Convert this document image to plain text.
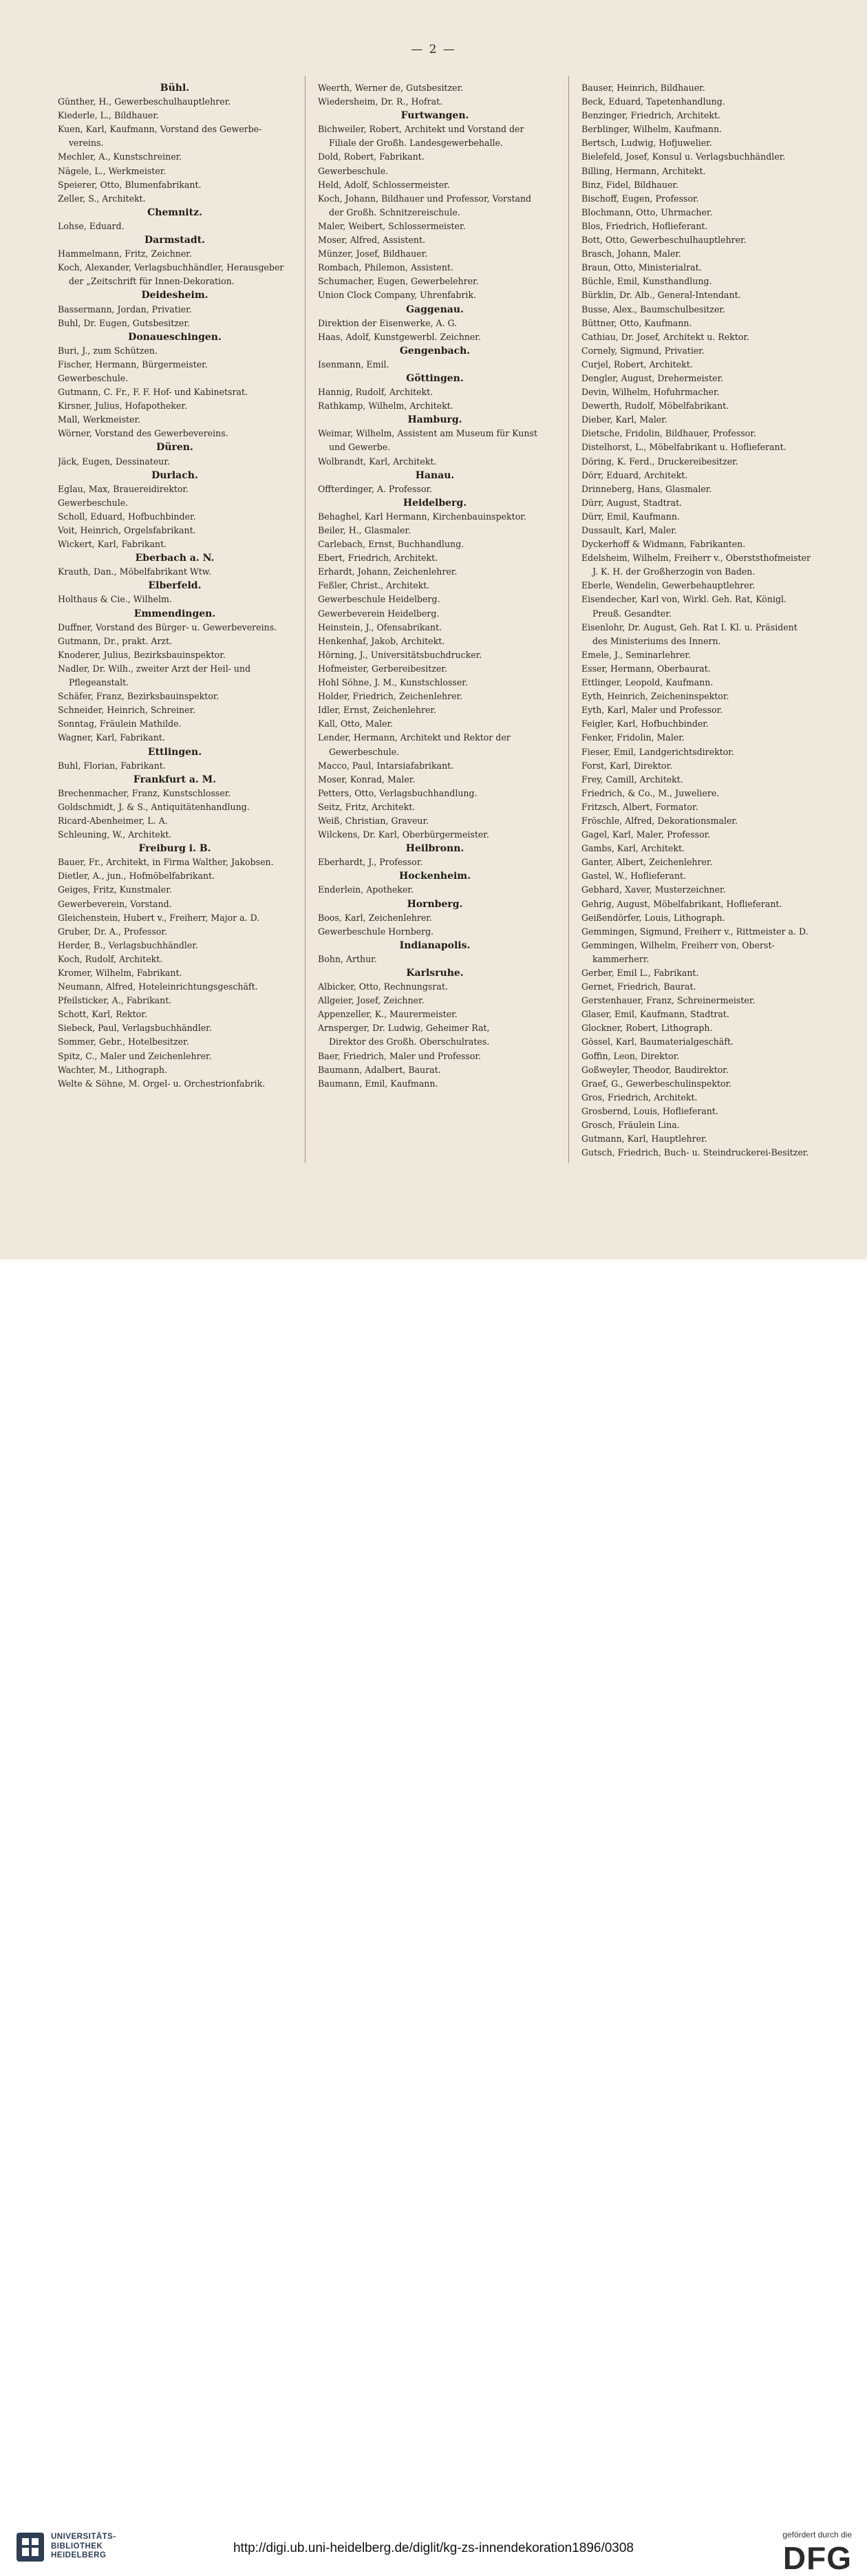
— 2 —
Bühl.
Günther, H., Gewerbeschulhauptlehrer.
Kiederle, L., Bildhauer.
Kuen, Karl, Kaufmann, Vorstand des Gewerbe-
vereins.
Mechler, A., Kunstschreiner.
Nägele, L., Werkmeister.
Speierer, Otto, Blumenfabrikant.
Zeller, S., Architekt.
Chemnitz.
Lohse, Eduard.
Darmstadt.
Hammelmann, Fritz, Zeichner.
Koch, Alexander, Verlagsbuchhändler, Herausgeber
der „Zeitschrift für Innen-Dekoration.
Deidesheim.
Bassermann, Jordan, Privatier.
Buhl, Dr. Eugen, Gutsbesitzer.
Donaueschingen.
Buri, J., zum Schützen.
Fischer, Hermann, Bürgermeister.
Gewerbeschule.
Gutmann, C. Fr., F. F. Hof- und Kabinetsrat.
Kirsner, Julius, Hofapotheker.
Mall, Werkmeister.
Wörner, Vorstand des Gewerbevereins.
Düren.
Jäck, Eugen, Dessinateur.
Durlach.
Eglau, Max, Brauereidirektor.
Gewerbeschule.
Scholl, Eduard, Hofbuchbinder.
Voit, Heinrich, Orgelsfabrikant.
Wickert, Karl, Fabrikant.
Eberbach a. N.
Krauth, Dan., Möbelfabrikant Wtw.
Elberfeld.
Holthaus & Cie., Wilhelm.
Emmendingen.
Duffner, Vorstand des Bürger- u. Gewerbevereins.
Gutmann, Dr., prakt. Arzt.
Knoderer, Julius, Bezirksbauinspektor.
Nadler, Dr. Wilh., zweiter Arzt der Heil- und
Pflegeanstalt.
Schäfer, Franz, Bezirksbauinspektor.
Schneider, Heinrich, Schreiner.
Sonntag, Fräulein Mathilde.
Wagner, Karl, Fabrikant.
Ettlingen.
Buhl, Florian, Fabrikant.
Frankfurt a. M.
Brechenmacher, Franz, Kunstschlosser.
Goldschmidt, J. & S., Antiquitätenhandlung.
Ricard-Abenheimer, L. A.
Schleuning, W., Architekt.
Freiburg i. B.
Bauer, Fr., Architekt, in Firma Walther, Jakobsen.
Dietler, A., jun., Hofmöbelfabrikant.
Geiges, Fritz, Kunstmaler.
Gewerbeverein, Vorstand.
Gleichenstein, Hubert v., Freiherr, Major a. D.
Gruber, Dr. A., Professor.
Herder, B., Verlagsbuchhändler.
Koch, Rudolf, Architekt.
Kromer, Wilhelm, Fabrikant.
Neumann, Alfred, Hoteleinrichtungsgeschäft.
Pfeilsticker, A., Fabrikant.
Schott, Karl, Rektor.
Siebeck, Paul, Verlagsbuchhändler.
Sommer, Gebr., Hotelbesitzer.
Spitz, C., Maler und Zeichenlehrer.
Wachter, M., Lithograph.
Welte & Söhne, M. Orgel- u. Orchestrionfabrik.
Weerth, Werner de, Gutsbesitzer.
Wiedersheim, Dr. R., Hofrat.
Furtwangen.
Bichweiler, Robert, Architekt und Vorstand der
Filiale der Großh. Landesgewerbehalle.
Dold, Robert, Fabrikant.
Gewerbeschule.
Held, Adolf, Schlossermeister.
Koch, Johann, Bildhauer und Professor, Vorstand
der Großh. Schnitzereischule.
Maler, Weibert, Schlossermeister.
Moser, Alfred, Assistent.
Münzer, Josef, Bildhauer.
Rombach, Philemon, Assistent.
Schumacher, Eugen, Gewerbelehrer.
Union Clock Company, Uhrenfabrik.
Gaggenau.
Direktion der Eisenwerke, A. G.
Haas, Adolf, Kunstgewerbl. Zeichner.
Gengenbach.
Isenmann, Emil.
Göttingen.
Hannig, Rudolf, Architekt.
Rathkamp, Wilhelm, Architekt.
Hamburg.
Weimar, Wilhelm, Assistent am Museum für Kunst
und Gewerbe.
Wolbrandt, Karl, Architekt.
Hanau.
Offterdinger, A. Professor.
Heidelberg.
Behaghel, Karl Hermann, Kirchenbauinspektor.
Beiler, H., Glasmaler.
Carlebach, Ernst, Buchhandlung.
Ebert, Friedrich, Architekt.
Erhardt, Johann, Zeichenlehrer.
Feßler, Christ., Architekt.
Gewerbeschule Heidelberg.
Gewerbeverein Heidelberg.
Heinstein, J., Ofensabrikant.
Henkenhaf, Jakob, Architekt.
Hörning, J., Universitätsbuchdrucker.
Hofmeister, Gerbereibesitzer.
Hohl Söhne, J. M., Kunstschlosser.
Holder, Friedrich, Zeichenlehrer.
Idler, Ernst, Zeichenlehrer.
Kall, Otto, Maler.
Lender, Hermann, Architekt und Rektor der
Gewerbeschule.
Macco, Paul, Intarsiafabrikant.
Moser, Konrad, Maler.
Petters, Otto, Verlagsbuchhandlung.
Seitz, Fritz, Architekt.
Weiß, Christian, Graveur.
Wilckens, Dr. Karl, Oberbürgermeister.
Heilbronn.
Eberhardt, J., Professor.
Hockenheim.
Enderlein, Apotheker.
Hornberg.
Boos, Karl, Zeichenlehrer.
Gewerbeschule Hornberg.
Indianapolis.
Bohn, Arthur.
Karlsruhe.
Albicker, Otto, Rechnungsrat.
Allgeier, Josef, Zeichner.
Appenzeller, K., Maurermeister.
Arnsperger, Dr. Ludwig, Geheimer Rat,
Direktor des Großh. Oberschulrates.
Baer, Friedrich, Maler und Professor.
Baumann, Adalbert, Baurat.
Baumann, Emil, Kaufmann.
Bauser, Heinrich, Bildhauer.
Beck, Eduard, Tapetenhandlung.
Benzinger, Friedrich, Architekt.
Berblinger, Wilhelm, Kaufmann.
Bertsch, Ludwig, Hofjuwelier.
Bielefeld, Josef, Konsul u. Verlagsbuchhändler.
Billing, Hermann, Architekt.
Binz, Fidel, Bildhauer.
Bischoff, Eugen, Professor.
Blochmann, Otto, Uhrmacher.
Blos, Friedrich, Hoflieferant.
Bott, Otto, Gewerbeschulhauptlehrer.
Brasch, Johann, Maler.
Braun, Otto, Ministerialrat.
Büchle, Emil, Kunsthandlung.
Bürklin, Dr. Alb., General-Intendant.
Busse, Alex., Baumschulbesitzer.
Büttner, Otto, Kaufmann.
Cathiau, Dr. Josef, Architekt u. Rektor.
Cornely, Sigmund, Privatier.
Curjel, Robert, Architekt.
Dengler, August, Drehermeister.
Devin, Wilhelm, Hofuhrmacher.
Dewerth, Rudolf, Möbelfabrikant.
Dieber, Karl, Maler.
Dietsche, Fridolin, Bildhauer, Professor.
Distelhorst, L., Möbelfabrikant u. Hoflieferant.
Döring, K. Ferd., Druckereibesitzer.
Dörr, Eduard, Architekt.
Drinneberg, Hans, Glasmaler.
Dürr, August, Stadtrat.
Dürr, Emil, Kaufmann.
Dussault, Karl, Maler.
Dyckerhoff & Widmann, Fabrikanten.
Edelsheim, Wilhelm, Freiherr v., Oberststhofmeister
J. K. H. der Großherzogin von Baden.
Eberle, Wendelin, Gewerbehauptlehrer.
Eisendecher, Karl von, Wirkl. Geh. Rat, Königl.
Preuß. Gesandter.
Eisenlohr, Dr. August, Geh. Rat I. Kl. u. Präsident
des Ministeriums des Innern.
Emele, J., Seminarlehrer.
Esser, Hermann, Oberbaurat.
Ettlinger, Leopold, Kaufmann.
Eyth, Heinrich, Zeicheninspektor.
Eyth, Karl, Maler und Professor.
Feigler, Karl, Hofbuchbinder.
Fenker, Fridolin, Maler.
Fieser, Emil, Landgerichtsdirektor.
Forst, Karl, Direktor.
Frey, Camill, Architekt.
Friedrich, & Co., M., Juweliere.
Fritzsch, Albert, Formator.
Fröschle, Alfred, Dekorationsmaler.
Gagel, Karl, Maler, Professor.
Gambs, Karl, Architekt.
Ganter, Albert, Zeichenlehrer.
Gastel, W., Hoflieferant.
Gebhard, Xaver, Musterzeichner.
Gehrig, August, Möbelfabrikant, Hoflieferant.
Geißendörfer, Louis, Lithograph.
Gemmingen, Sigmund, Freiherr v., Rittmeister a. D.
Gemmingen, Wilhelm, Freiherr von, Oberst-
kammerherr.
Gerber, Emil L., Fabrikant.
Gernet, Friedrich, Baurat.
Gerstenhauer, Franz, Schreinermeister.
Glaser, Emil, Kaufmann, Stadtrat.
Glockner, Robert, Lithograph.
Gössel, Karl, Baumaterialgeschäft.
Goffin, Leon, Direktor.
Goßweyler, Theodor, Baudirektor.
Graef, G., Gewerbeschulinspektor.
Gros, Friedrich, Architekt.
Grosbernd, Louis, Hoflieferant.
Grosch, Fräulein Lina.
Gutmann, Karl, Hauptlehrer.
Gutsch, Friedrich, Buch- u. Steindruckerei-Besitzer.
UNIVERSITÄTS-
BIBLIOTHEK
HEIDELBERG	http://digi.ub.uni-heidelberg.de/diglit/kg-zs-innendekoration1896/0308
gefördert durch die
DFG
